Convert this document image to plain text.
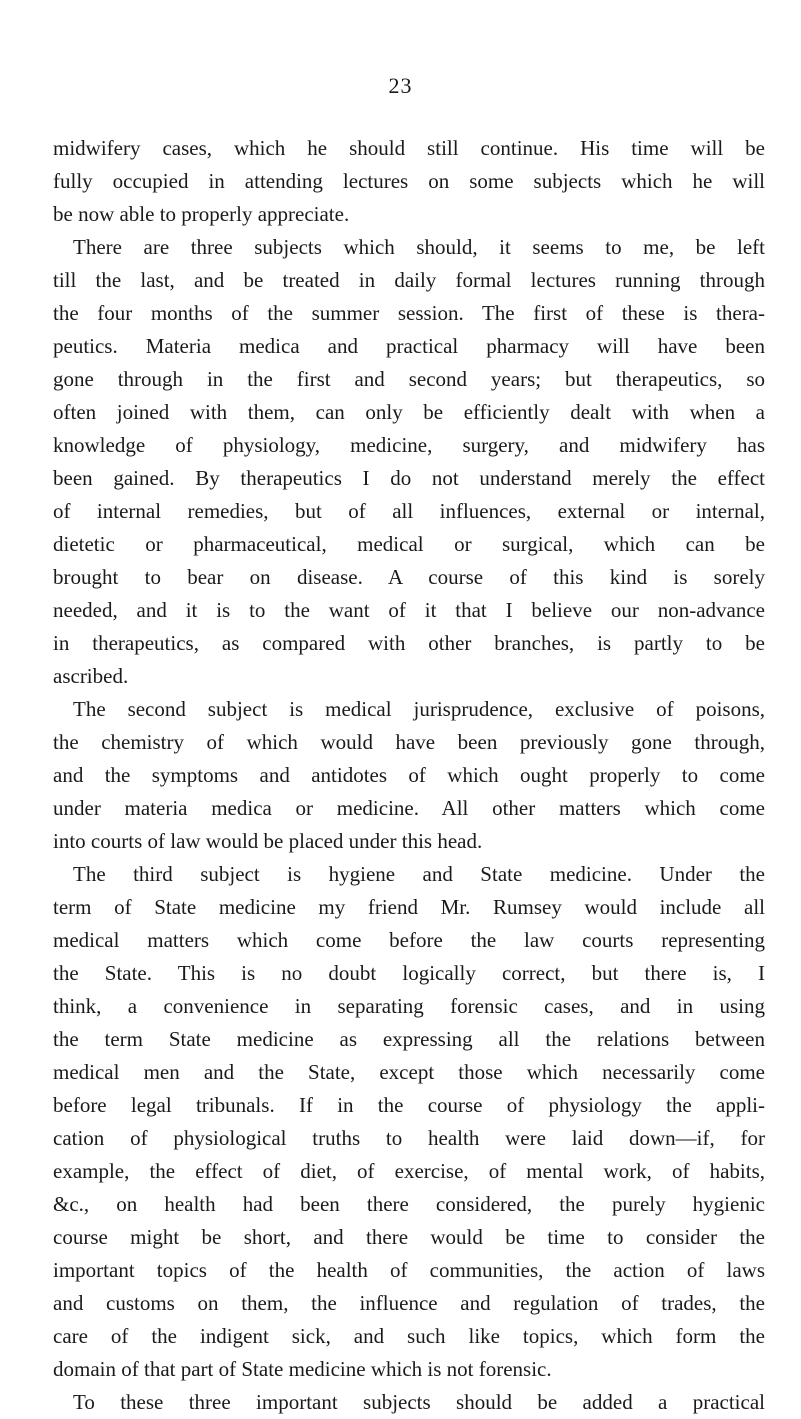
23
midwifery cases, which he should still continue. His time will be
fully occupied in attending lectures on some subjects which he will
be now able to properly appreciate.
There are three subjects which should, it seems to me, be left
till the last, and be treated in daily formal lectures running through
the four months of the summer session. The first of these is thera-
peutics. Materia medica and practical pharmacy will have been
gone through in the first and second years; but therapeutics, so
often joined with them, can only be efficiently dealt with when a
knowledge of physiology, medicine, surgery, and midwifery has
been gained. By therapeutics I do not understand merely the effect
of internal remedies, but of all influences, external or internal,
dietetic or pharmaceutical, medical or surgical, which can be
brought to bear on disease. A course of this kind is sorely
needed, and it is to the want of it that I believe our non-advance
in therapeutics, as compared with other branches, is partly to be
ascribed.
The second subject is medical jurisprudence, exclusive of poisons,
the chemistry of which would have been previously gone through,
and the symptoms and antidotes of which ought properly to come
under materia medica or medicine. All other matters which come
into courts of law would be placed under this head.
The third subject is hygiene and State medicine. Under the
term of State medicine my friend Mr. Rumsey would include all
medical matters which come before the law courts representing
the State. This is no doubt logically correct, but there is, I
think, a convenience in separating forensic cases, and in using
the term State medicine as expressing all the relations between
medical men and the State, except those which necessarily come
before legal tribunals. If in the course of physiology the appli-
cation of physiological truths to health were laid down—if, for
example, the effect of diet, of exercise, of mental work, of habits,
&c., on health had been there considered, the purely hygienic
course might be short, and there would be time to consider the
important topics of the health of communities, the action of laws
and customs on them, the influence and regulation of trades, the
care of the indigent sick, and such like topics, which form the
domain of that part of State medicine which is not forensic.
To these three important subjects should be added a practical
